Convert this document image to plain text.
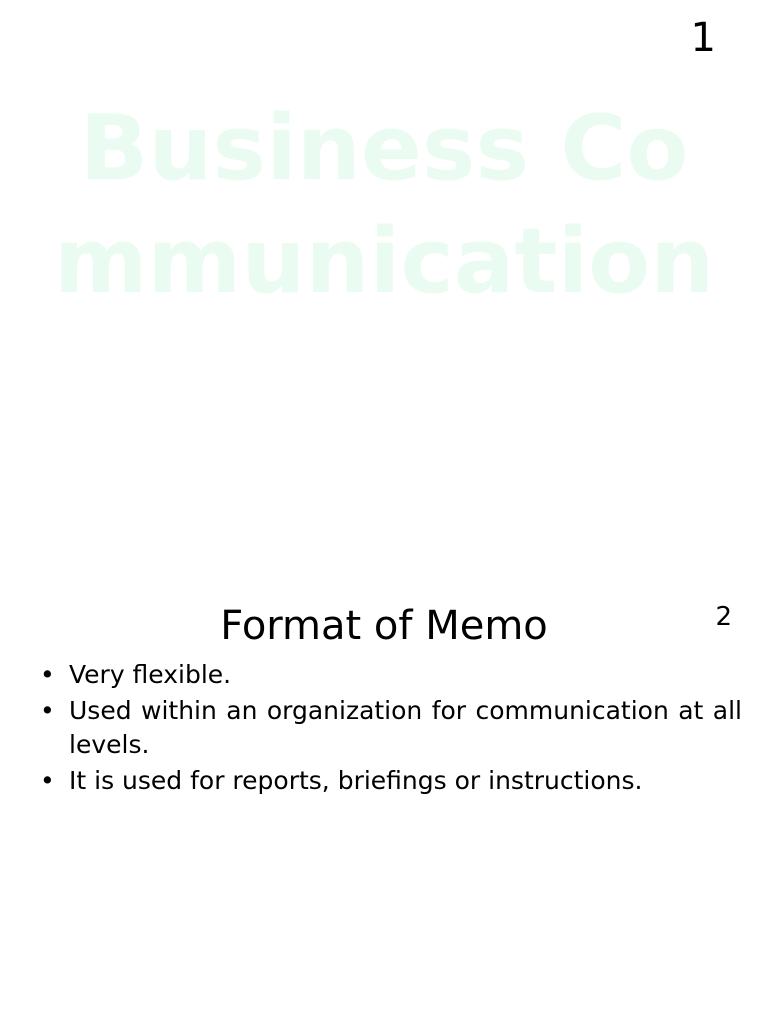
1
Business Communication
Format of Memo	2
• Very flexible.
• Used within an organization for communication at all levels.
• It is used for reports, briefings or instructions.
